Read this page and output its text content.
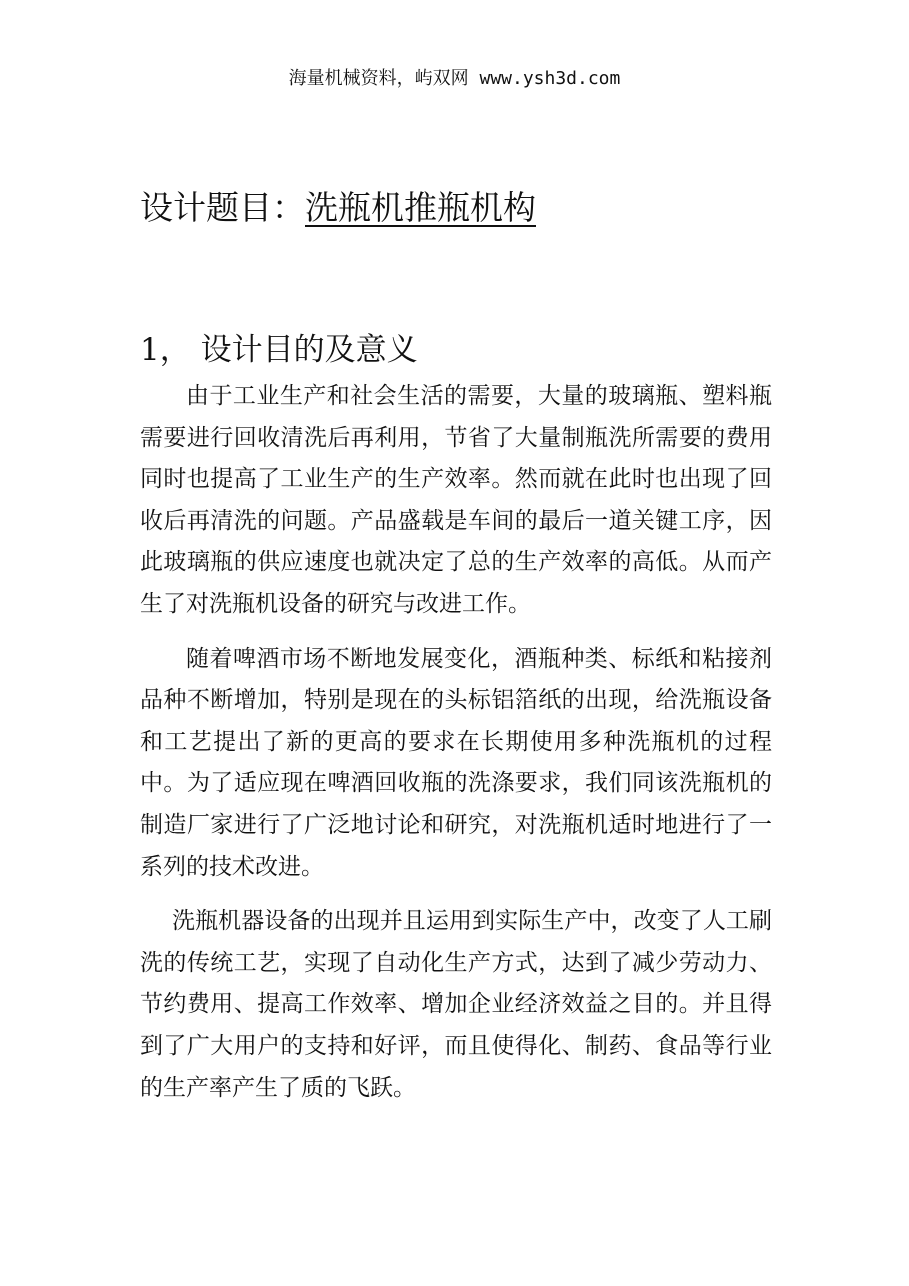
海量机械资料，屿双网 www.ysh3d.com
设计题目：洗瓶机推瓶机构
1， 设计目的及意义

由于工业生产和社会生活的需要，大量的玻璃瓶、塑料瓶需要进行回收清洗后再利用，节省了大量制瓶洗所需要的费用同时也提高了工业生产的生产效率。然而就在此时也出现了回收后再清洗的问题。产品盛载是车间的最后一道关键工序，因此玻璃瓶的供应速度也就决定了总的生产效率的高低。从而产生了对洗瓶机设备的研究与改进工作。

随着啤酒市场不断地发展变化，酒瓶种类、标纸和粘接剂品种不断增加，特别是现在的头标铝箔纸的出现，给洗瓶设备和工艺提出了新的更高的要求在长期使用多种洗瓶机的过程中。为了适应现在啤酒回收瓶的洗涤要求，我们同该洗瓶机的制造厂家进行了广泛地讨论和研究，对洗瓶机适时地进行了一系列的技术改进。

洗瓶机器设备的出现并且运用到实际生产中，改变了人工刷洗的传统工艺，实现了自动化生产方式，达到了减少劳动力、节约费用、提高工作效率、增加企业经济效益之目的。并且得到了广大用户的支持和好评，而且使得化、制药、食品等行业的生产率产生了质的飞跃。
